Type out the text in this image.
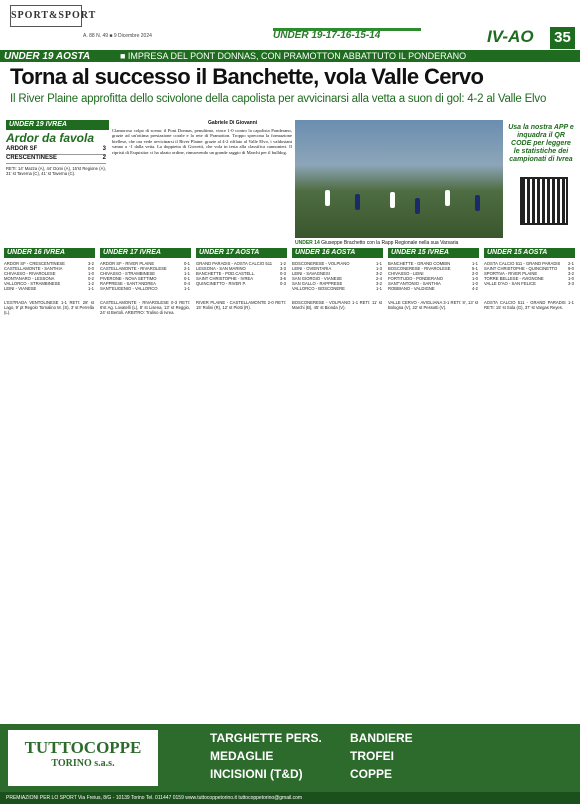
SPORT&SPORT
A. 88 N. 49 ■ 9 Dicembre 2024	UNDER 19-17-16-15-14	IV-AO 35
UNDER 19 AOSTA	■ IMPRESA DEL PONT DONNAS, CON PRAMOTTON ABBATTUTO IL PONDERANO
Torna al successo il Banchette, vola Valle Cervo
Il River Plaine approfitta dello scivolone della capolista per avvicinarsi alla vetta a suon di gol: 4-2 al Valle Elvo
UNDER 19 IVREA
Ardor da favola
ARDOR SF	3
CRESCENTINESE	2
RETI: 14' Mazza (A), 44' Domi (A), 15'st Regione (A), 31' st Taverna (C), 41' st Taverna (C).
Gabriele Di Giovanni
Clamoroso colpo di scena: il Pont Donnas, penultimo, vince 1-0 contro la capolista Ponderano, grazie ad un'ottima prestazione corale e la rete di Pramotton. Troppo sprecona la formazione biellese, che ora vede avvicinarsi il River Plaine: grazie al 4-2 rifilato al Valle Elvo, i valdostani vanno a -1 dalla vetta. La doppietta di Giovetti, che vola in testa alla classifica cannonieri. Il ripristi di Esquisitor ci ha alzato ordine, rimuovendo un grande saggio di Marchi per il bulldog.
UNDER 14 Giuseppe Brachetto con la Rapp Regionale nella sua Varsaria
Usa la nostra APP e inquadra il QR CODE per leggere le statistiche dei campionati di Ivrea
UNDER 16 IVREA
ARDOR SF - CRESCENTINESE	3-2
CASTELLAMONTE - SANTHIA	0-0
CHIVASSO - RIVAROLESE	1-0
MONTANARO - LESSONA	0-2
VALLORCO - STRAMBINESE	1-2
LEINI - VIANESE	1-1
UNDER 17 IVREA
ARDOR SF - RIVER PLAINE	0-1
CASTELLAMONTE - RIVAROLESE	2-1
CHIVASSO - STRAMBINESE	1-1
PIVERONE - NOVA SETTIMO	0-1
RAPPRESE - SANT'ANDREA	0-4
SANT'EUGENIO - VALLORCO	1-1
UNDER 17 AOSTA
GRAND PARADIS - AOSTA CALCIO 511 1-2
LESSONA - SAN MARINO	3-3
BANCHETTE - POD.CASTELL.	0-3
SAINT CHRISTOPHE - IVREA	3-6
QUINCINETTO - RIVER P.	0-3
UNDER 16 AOSTA
BOSCONERESE - VOLPIANO	1-1
LEINI - OVIENTARIA	1-3
LEINI - SAVAGNESI	3-2
SAN GIORGIO - VIANESE	2-4
SAN GALLO - RAPPRESE	3-2
VALLORCO - BOSCONERE	1-1
UNDER 15 IVREA
BANCHETTE - GRAND COMBIN	1-1
BOSCONERESE - RIVAROLESE	5-1
CHIVASSO - LEINI	2-0
FORTITUDO - PONDERANO	1-0
SANT'ANTONIO - SANTHIA	1-0
ROBBIANO - VALDIGNE	4-2
UNDER 15 AOSTA
AOSTA CALCIO 511 - GRAND PARADIS 2-1
SAINT CHRISTOPHE - QUINCINETTO	9-0
SPORTIVA - RIVER PLAINE	3-2
TORRE BELLESE - AVIGNONE	1-0
VALLE D'AO - SAN FELICE	3-3
L'ESTRADA VENTOLINESE 1-1 RETI: 28' st Lago, 9' pt Regolo Tornalino M. (S), 3' st Perrella (L).
CASTELLAMONTE - RIVAROLESE 0-3 RETI: 6'st Ag. Lovatelli (L), 8' st Lisena, 13' st Reggio, 24' st Bertoli. ARBITRO: Tralino di Ivrea.
RIVER PLAINE - CASTELLAMONTE 2-0 RETI: 15' Rolini (R), 12' st Piotti (R).
BOSCONERESE - VOLPIANO 1-1 RETI: 11' st Marchi (B), 45' st Bionda (V).
VALLE CERVO - AVIGLIANA 3-1 RETI: 8', 13' st Bologna (V), 22' st Pessotti (V).
AOSTA CALCIO 511 - GRAND PARADIS 1-1 RETI: 15' st Sola (G), 37' st Vargas Reyes.
TUTTOCOPPE
TORINO s.a.s.
TARGHETTE PERS. BANDIERE MEDAGLIE	TROFEI INCISIONI (T&D)	COPPE
PREMIAZIONI PER LO SPORT Via Freius, 8/G - 10139 Torino Tel. 011447 0159 www.tuttocoppetorino.it tuttocoppetorino@gmail.com
